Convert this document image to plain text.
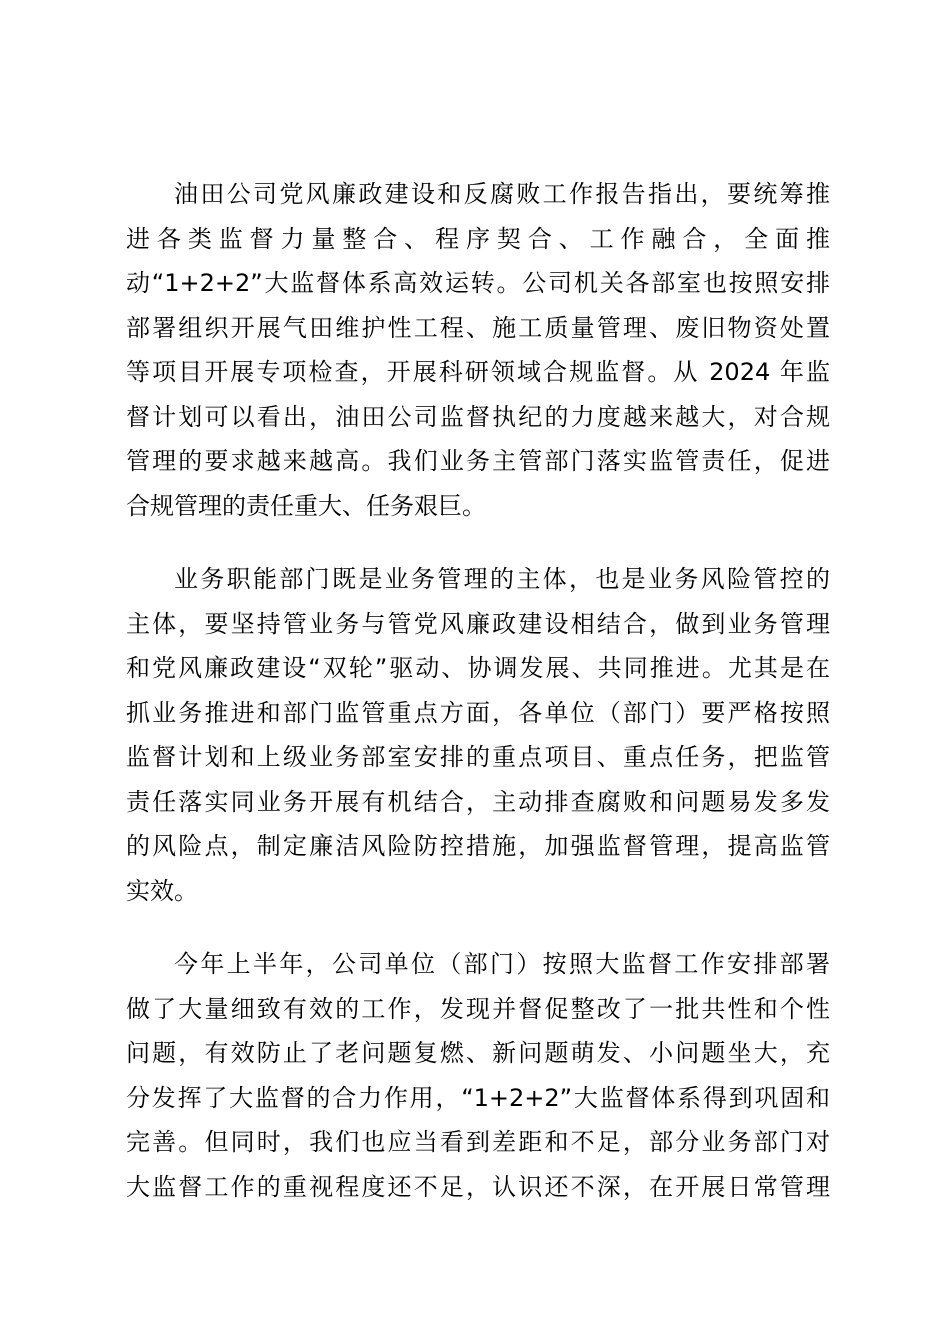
油田公司党风廉政建设和反腐败工作报告指出，要统筹推
进各类监督力量整合、程序契合、工作融合，全面推
动“1+2+2”大监督体系高效运转。公司机关各部室也按照安排
部署组织开展气田维护性工程、施工质量管理、废旧物资处置
等项目开展专项检查，开展科研领域合规监督。从 2024 年监
督计划可以看出，油田公司监督执纪的力度越来越大，对合规
管理的要求越来越高。我们业务主管部门落实监管责任，促进
合规管理的责任重大、任务艰巨。

业务职能部门既是业务管理的主体，也是业务风险管控的
主体，要坚持管业务与管党风廉政建设相结合，做到业务管理
和党风廉政建设“双轮”驱动、协调发展、共同推进。尤其是在
抓业务推进和部门监管重点方面，各单位（部门）要严格按照
监督计划和上级业务部室安排的重点项目、重点任务，把监管
责任落实同业务开展有机结合，主动排查腐败和问题易发多发
的风险点，制定廉洁风险防控措施，加强监督管理，提高监管
实效。

今年上半年，公司单位（部门）按照大监督工作安排部署
做了大量细致有效的工作，发现并督促整改了一批共性和个性
问题，有效防止了老问题复燃、新问题萌发、小问题坐大，充
分发挥了大监督的合力作用，“1+2+2”大监督体系得到巩固和
完善。但同时，我们也应当看到差距和不足，部分业务部门对
大监督工作的重视程度还不足，认识还不深，在开展日常管理
